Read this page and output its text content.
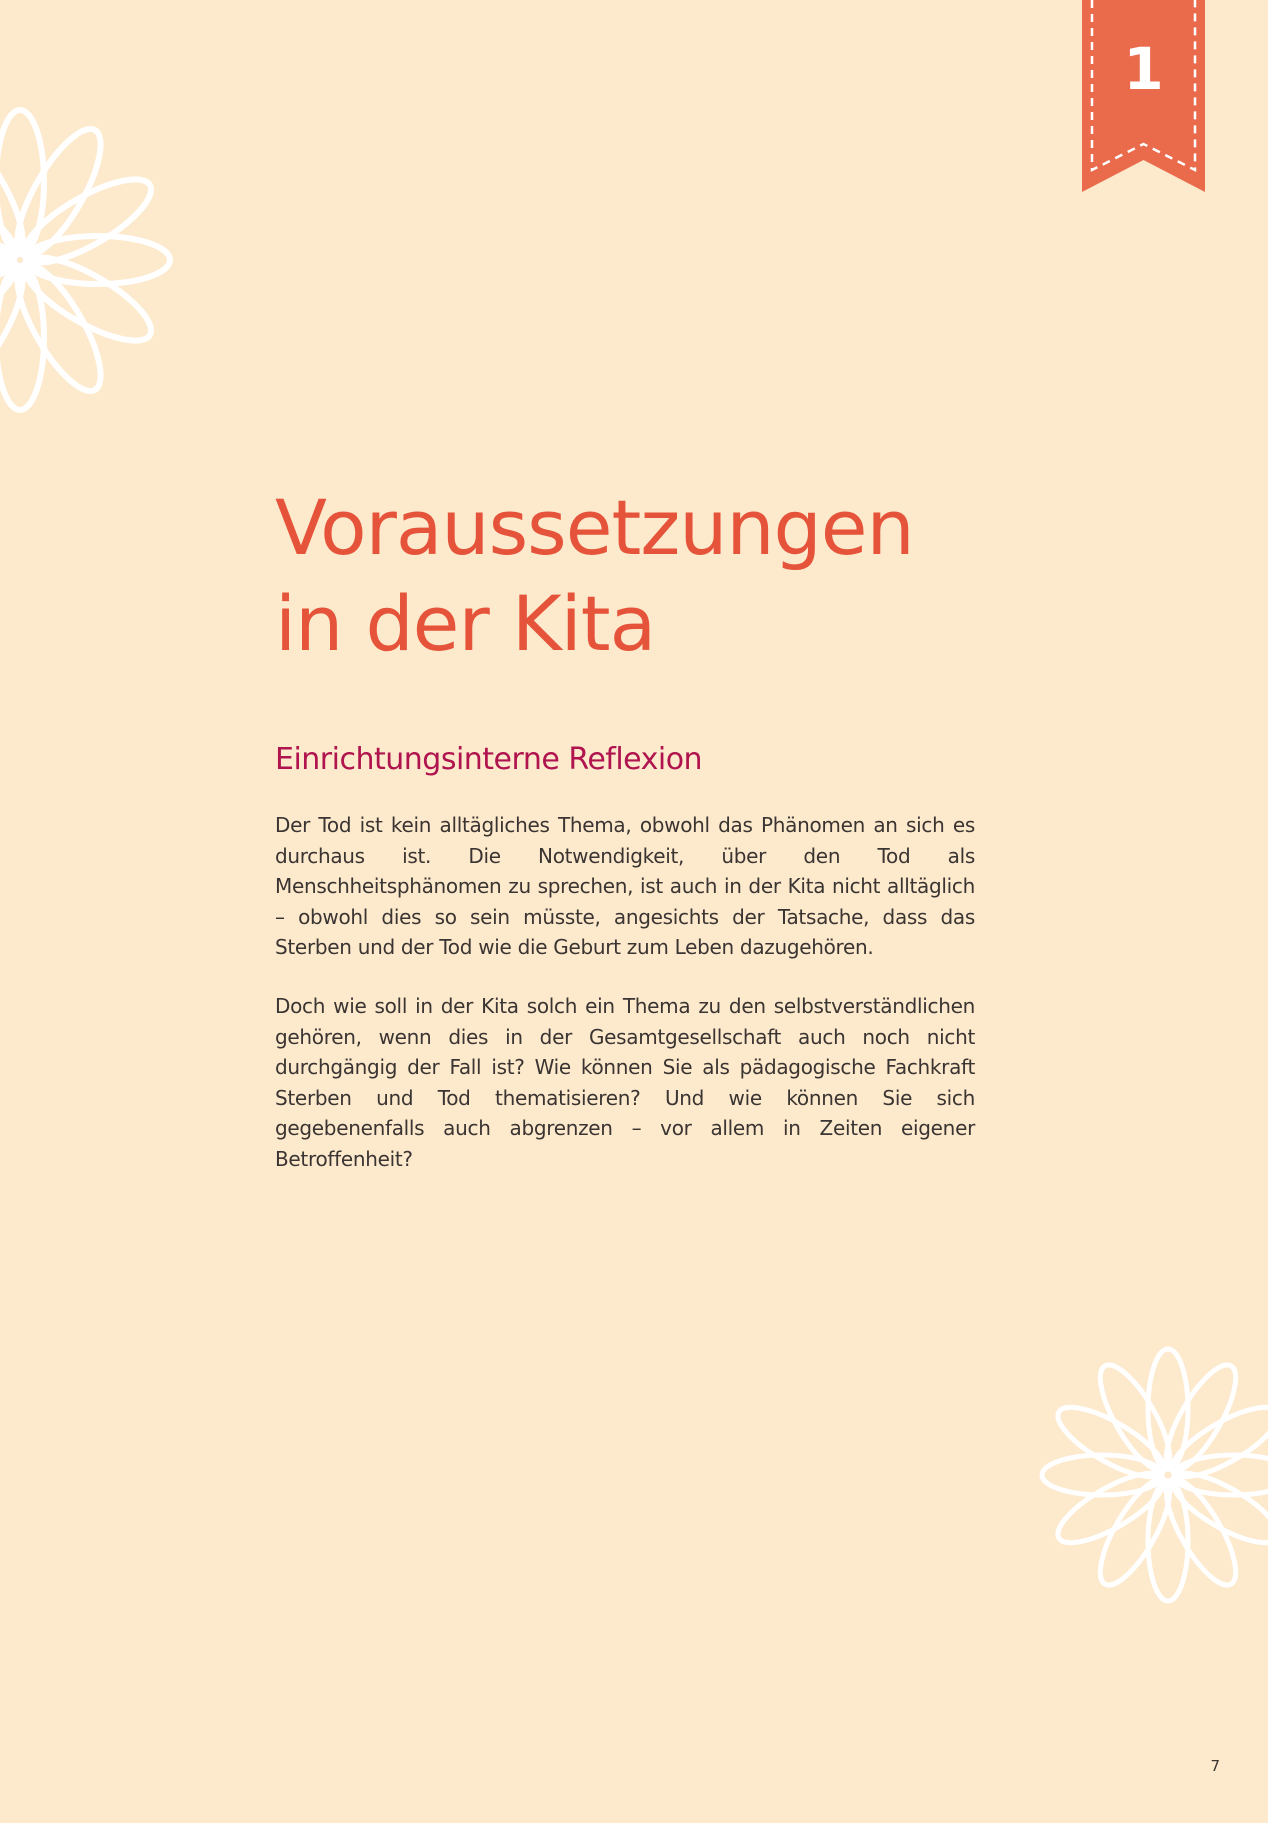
1
Voraussetzungen
in der Kita
Einrichtungsinterne Reflexion

Der Tod ist kein alltägliches Thema, obwohl das Phänomen an sich es durchaus ist. Die Notwendigkeit, über den Tod als Menschheitsphänomen zu sprechen, ist auch in der Kita nicht alltäglich – obwohl dies so sein müsste, angesichts der Tatsache, dass das Sterben und der Tod wie die Geburt zum Leben dazugehören.

Doch wie soll in der Kita solch ein Thema zu den selbstverständlichen gehören, wenn dies in der Gesamtgesellschaft auch noch nicht durchgängig der Fall ist? Wie können Sie als pädagogische Fachkraft Sterben und Tod thematisieren? Und wie können Sie sich gegebenenfalls auch abgrenzen – vor allem in Zeiten eigener Betroffenheit?

7
